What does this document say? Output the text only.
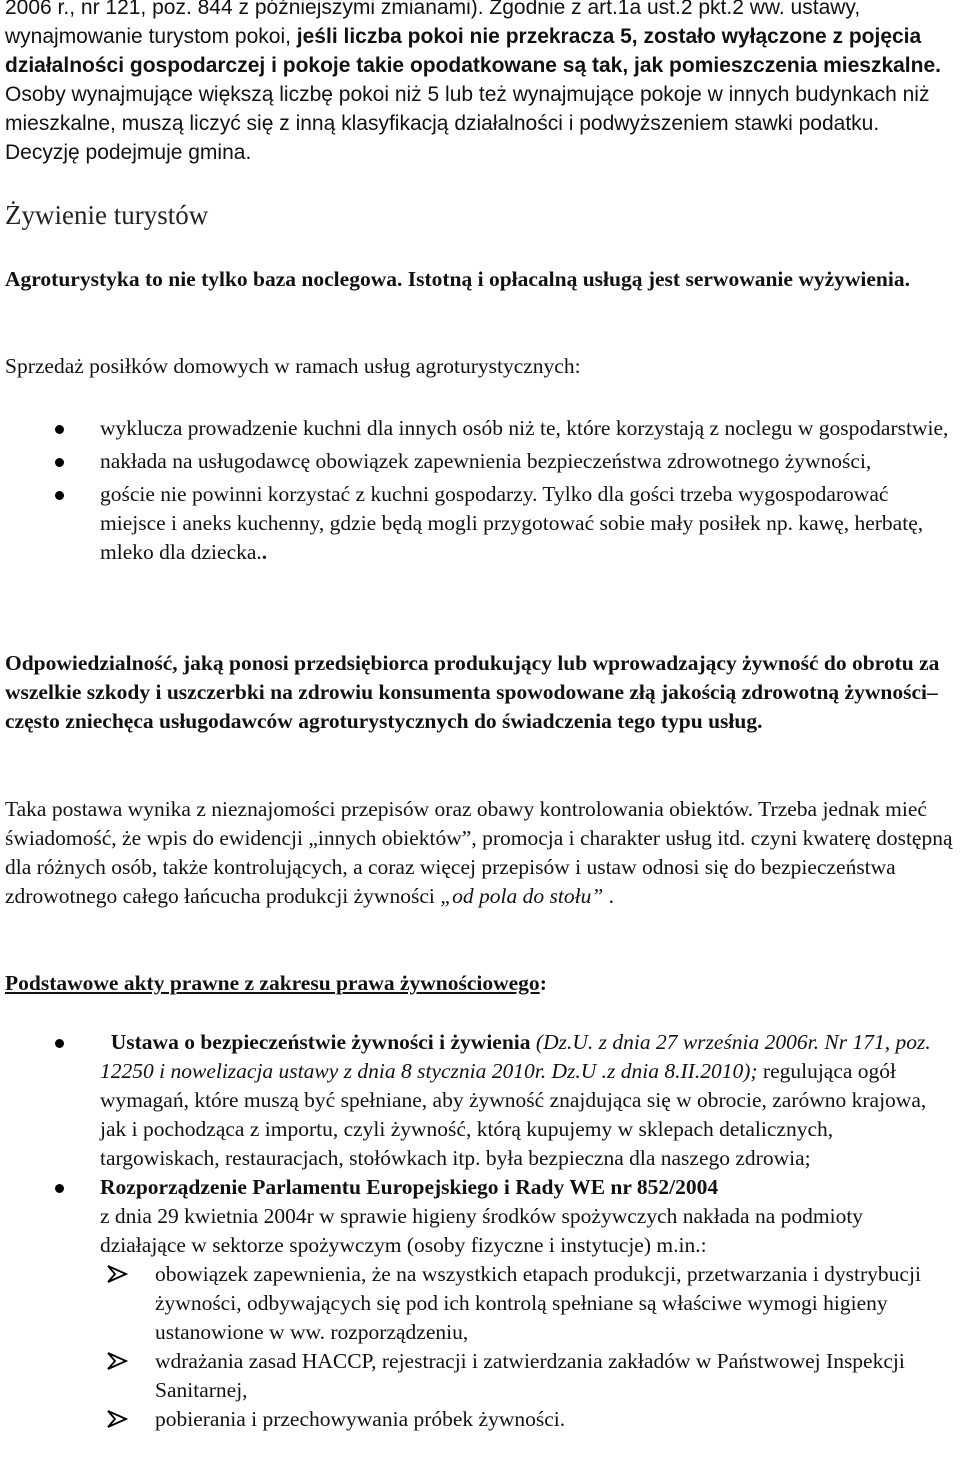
2006 r., nr 121, poz. 844 z późniejszymi zmianami). Zgodnie z art.1a ust.2 pkt.2 ww. ustawy, wynajmowanie turystom pokoi, jeśli liczba pokoi nie przekracza 5, zostało wyłączone z pojęcia działalności gospodarczej i pokoje takie opodatkowane są tak, jak pomieszczenia mieszkalne. Osoby wynajmujące większą liczbę pokoi niż 5 lub też wynajmujące pokoje w innych budynkach niż mieszkalne, muszą liczyć się z inną klasyfikacją działalności i podwyższeniem stawki podatku. Decyzję podejmuje gmina.

Żywienie turystów

Agroturystyka to nie tylko baza noclegowa. Istotną i opłacalną usługą jest serwowanie wyżywienia.

Sprzedaż posiłków domowych w ramach usług agroturystycznych:

wyklucza prowadzenie kuchni dla innych osób niż te, które korzystają z noclegu w gospodarstwie,
nakłada na usługodawcę obowiązek zapewnienia bezpieczeństwa zdrowotnego żywności,
goście nie powinni korzystać z kuchni gospodarzy. Tylko dla gości trzeba wygospodarować miejsce i aneks kuchenny, gdzie będą mogli przygotować sobie mały posiłek np. kawę, herbatę, mleko dla dziecka..

Odpowiedzialność, jaką ponosi przedsiębiorca produkujący lub wprowadzający żywność do obrotu za wszelkie szkody i uszczerbki na zdrowiu konsumenta spowodowane złą jakością zdrowotną żywności– często zniechęca usługodawców agroturystycznych do świadczenia tego typu usług.

Taka postawa wynika z nieznajomości przepisów oraz obawy kontrolowania obiektów. Trzeba jednak mieć świadomość, że wpis do ewidencji „innych obiektów”, promocja i charakter usług itd. czyni kwaterę dostępną dla różnych osób, także kontrolujących, a coraz więcej przepisów i ustaw odnosi się do bezpieczeństwa zdrowotnego całego łańcucha produkcji żywności „od pola do stołu” .

Podstawowe akty prawne z zakresu prawa żywnościowego:

Ustawa o bezpieczeństwie żywności i żywienia (Dz.U. z dnia 27 września 2006r. Nr 171, poz. 12250 i nowelizacja ustawy z dnia 8 stycznia 2010r. Dz.U .z dnia 8.II.2010); regulująca ogół wymagań, które muszą być spełniane, aby żywność znajdująca się w obrocie, zarówno krajowa, jak i pochodząca z importu, czyli żywność, którą kupujemy w sklepach detalicznych, targowiskach, restauracjach, stołówkach itp. była bezpieczna dla naszego zdrowia;
Rozporządzenie Parlamentu Europejskiego i Rady WE nr 852/2004
z dnia 29 kwietnia 2004r w sprawie higieny środków spożywczych nakłada na podmioty działające w sektorze spożywczym (osoby fizyczne i instytucje) m.in.:
obowiązek zapewnienia, że na wszystkich etapach produkcji, przetwarzania i dystrybucji żywności, odbywających się pod ich kontrolą spełniane są właściwe wymogi higieny ustanowione w ww. rozporządzeniu,
wdrażania zasad HACCP, rejestracji i zatwierdzania zakładów w Państwowej Inspekcji Sanitarnej,
pobierania i przechowywania próbek żywności.
